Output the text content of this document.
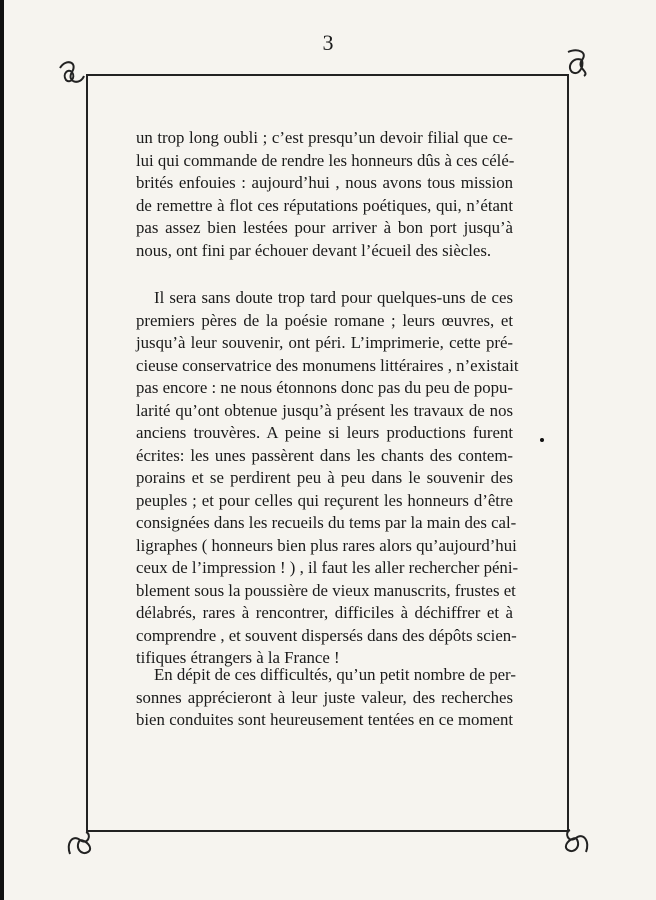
3
un trop long oubli ; c’est presqu’un devoir filial que ce-
lui qui commande de rendre les honneurs dûs à ces célé-
brités enfouies : aujourd’hui , nous avons tous mission
de remettre à flot ces réputations poétiques, qui, n’étant
pas assez bien lestées pour arriver à bon port jusqu’à
nous, ont fini par échouer devant l’écueil des siècles.
Il sera sans doute trop tard pour quelques-uns de ces
premiers pères de la poésie romane ; leurs œuvres, et
jusqu’à leur souvenir, ont péri. L’imprimerie, cette pré-
cieuse conservatrice des monumens littéraires , n’existait
pas encore : ne nous étonnons donc pas du peu de popu-
larité qu’ont obtenue jusqu’à présent les travaux de nos
anciens trouvères. A peine si leurs productions furent
écrites: les unes passèrent dans les chants des contem-
porains et se perdirent peu à peu dans le souvenir des
peuples ; et pour celles qui reçurent les honneurs d’être
consignées dans les recueils du tems par la main des cal-
ligraphes ( honneurs bien plus rares alors qu’aujourd’hui
ceux de l’impression ! ) , il faut les aller rechercher péni-
blement sous la poussière de vieux manuscrits, frustes et
délabrés, rares à rencontrer, difficiles à déchiffrer et à
comprendre , et souvent dispersés dans des dépôts scien-
tifiques étrangers à la France !
En dépit de ces difficultés, qu’un petit nombre de per-
sonnes apprécieront à leur juste valeur, des recherches
bien conduites sont heureusement tentées en ce moment
